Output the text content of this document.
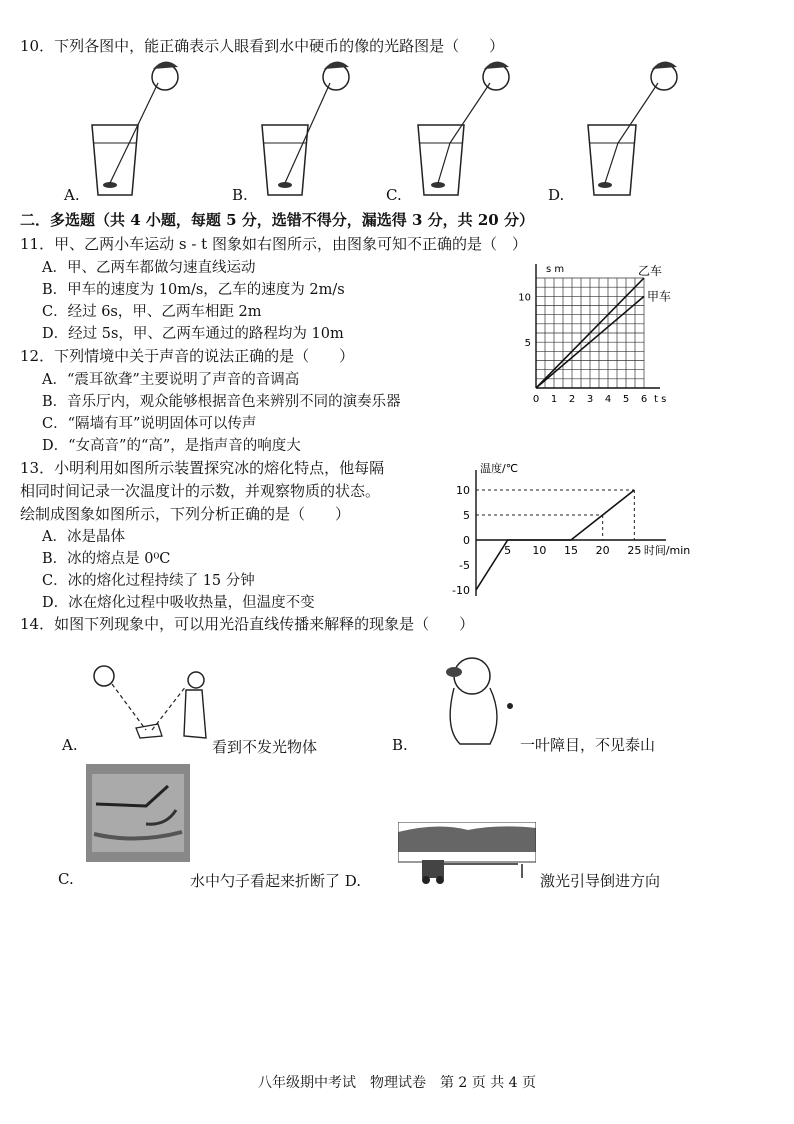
10．下列各图中，能正确表示人眼看到水中硬币的像的光路图是（　　）
A.	B.	C.	D.
二．多选题（共 4 小题，每题 5 分，选错不得分，漏选得 3 分，共 20 分）
11．甲、乙两小车运动 s - t 图象如右图所示，由图象可知不正确的是（　）
A．甲、乙两车都做匀速直线运动
B．甲车的速度为 10m/s，乙车的速度为 2m/s
C．经过 6s，甲、乙两车相距 2m
D．经过 5s，甲、乙两车通过的路程均为 10m
0 1 2 3 4 5 6
5
10
s m
t s
乙车
甲车
12．下列情境中关于声音的说法正确的是（　　）
A．“震耳欲聋”主要说明了声音的音调高
B．音乐厅内，观众能够根据音色来辨别不同的演奏乐器
C．“隔墙有耳”说明固体可以传声
D．“女高音”的“高”，是指声音的响度大
13．小明利用如图所示装置探究冰的熔化特点，他每隔
相同时间记录一次温度计的示数，并观察物质的状态。
绘制成图象如图所示，下列分析正确的是（　　）
A．冰是晶体
B．冰的熔点是 0⁰C
C．冰的熔化过程持续了 15 分钟
D．冰在熔化过程中吸收热量，但温度不变
5 10 15 20 25
10
5
0
-5
-10
温度/℃
时间/min
14．如图下列现象中，可以用光沿直线传播来解释的现象是（　　）
A.	看到不发光物体	B.	一叶障目，不见泰山
C.	水中勺子看起来折断了 D.	激光引导倒进方向
八年级期中考试　物理试卷　第 2 页 共 4 页
